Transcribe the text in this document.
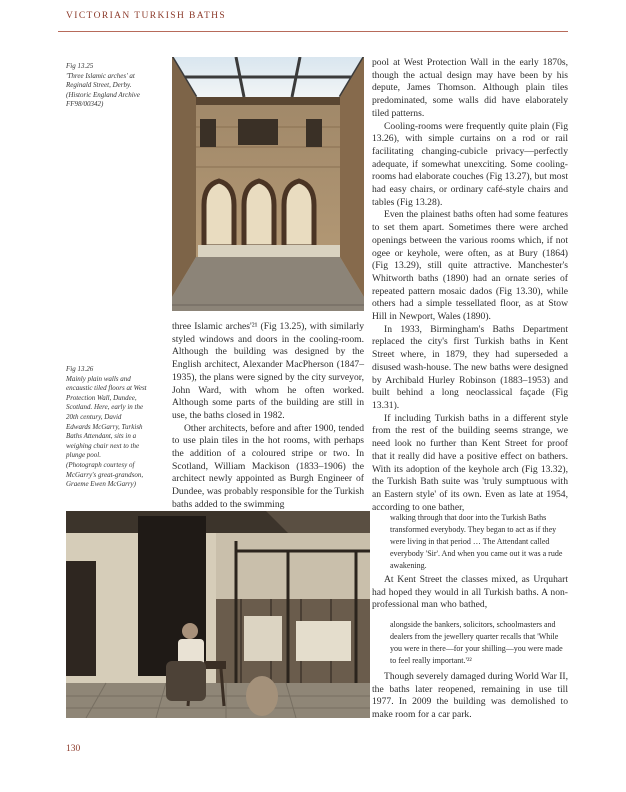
VICTORIAN TURKISH BATHS
Fig 13.25
'Three Islamic arches' at
Reginald Street, Derby.
(Historic England Archive
FF98/00342)
Fig 13.26
Mainly plain walls and
encaustic tiled floors at West
Protection Wall, Dundee,
Scotland. Here, early in the
20th century, David
Edwards McGarry, Turkish
Baths Attendant, sits in a
weighing chair next to the
plunge pool.
(Photograph courtesy of
McGarry's great-grandson,
Graeme Ewen McGarry)

three Islamic arches'²¹ (Fig 13.25), with similarly styled windows and doors in the cooling-room. Although the building was designed by the English architect, Alexander MacPherson (1847–1935), the plans were signed by the city surveyor, John Ward, with whom he often worked. Although some parts of the building are still in use, the baths closed in 1982.

Other architects, before and after 1900, tended to use plain tiles in the hot rooms, with perhaps the addition of a coloured stripe or two. In Scotland, William Mackison (1833–1906) the architect newly appointed as Burgh Engineer of Dundee, was probably responsible for the Turkish baths added to the swimming

pool at West Protection Wall in the early 1870s, though the actual design may have been by his depute, James Thomson. Although plain tiles predominated, some walls did have elaborately tiled patterns.

Cooling-rooms were frequently quite plain (Fig 13.26), with simple curtains on a rod or rail facilitating changing-cubicle privacy—perfectly adequate, if somewhat unexciting. Some cooling-rooms had elaborate couches (Fig 13.27), but most had easy chairs, or ordinary café-style chairs and tables (Fig 13.28).

Even the plainest baths often had some features to set them apart. Sometimes there were arched openings between the various rooms which, if not ogee or keyhole, were often, as at Bury (1864) (Fig 13.29), still quite attractive. Manchester's Whitworth baths (1890) had an ornate series of repeated pattern mosaic dados (Fig 13.30), while others had a simple tessellated floor, as at Stow Hill in Newport, Wales (1890).

In 1933, Birmingham's Baths Department replaced the city's first Turkish baths in Kent Street where, in 1879, they had superseded a disused wash-house. The new baths were designed by Archibald Hurley Robinson (1883–1953) and built behind a long neoclassical façade (Fig 13.31).

If including Turkish baths in a different style from the rest of the building seems strange, we need look no further than Kent Street for proof that it really did have a positive effect on bathers. With its adoption of the keyhole arch (Fig 13.32), the Turkish Bath suite was 'truly sumptuous with an Eastern style' of its own. Even as late at 1954, according to one bather,

walking through that door into the Turkish Baths transformed everybody. They began to act as if they were living in that period … The Attendant called everybody 'Sir'. And when you came out it was a rude awakening.

At Kent Street the classes mixed, as Urquhart had hoped they would in all Turkish baths. A non-professional man who bathed,

alongside the bankers, solicitors, schoolmasters and dealers from the jewellery quarter recalls that 'While you were in there—for your shilling—you were made to feel really important.'²²

Though severely damaged during World War II, the baths later reopened, remaining in use till 1977. In 2009 the building was demolished to make room for a car park.

130
